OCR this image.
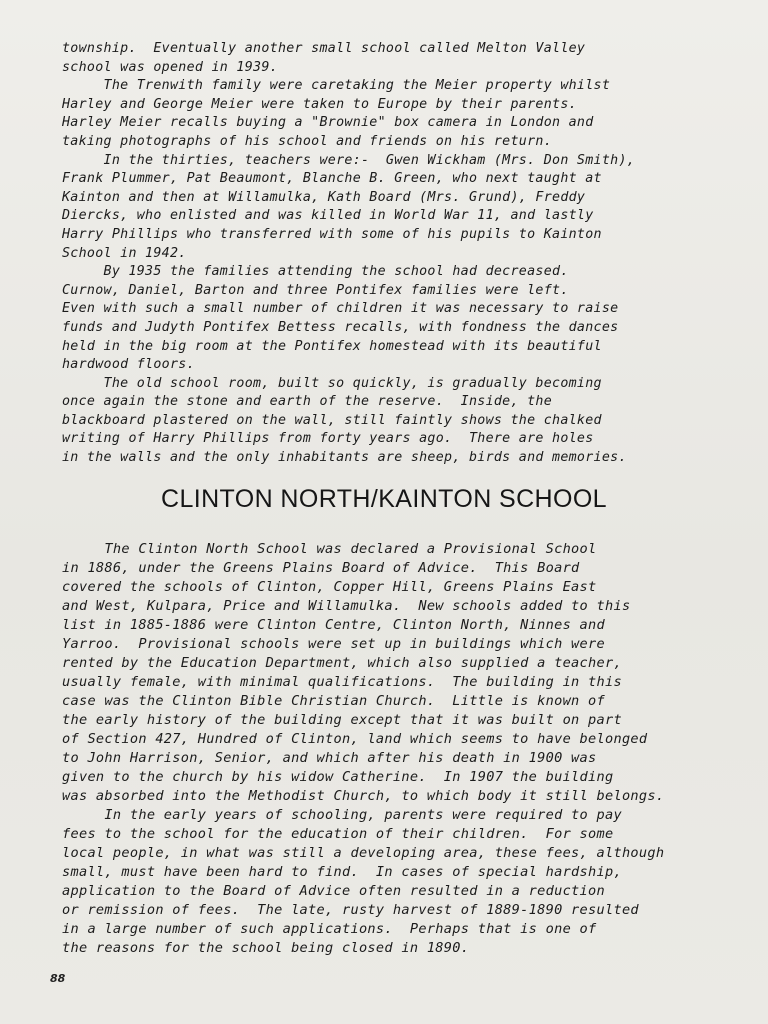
township.  Eventually another small school called Melton Valley
school was opened in 1939.
The Trenwith family were caretaking the Meier property whilst
Harley and George Meier were taken to Europe by their parents.
Harley Meier recalls buying a "Brownie" box camera in London and
taking photographs of his school and friends on his return.
In the thirties, teachers were:-  Gwen Wickham (Mrs. Don Smith),
Frank Plummer, Pat Beaumont, Blanche B. Green, who next taught at
Kainton and then at Willamulka, Kath Board (Mrs. Grund), Freddy
Diercks, who enlisted and was killed in World War 11, and lastly
Harry Phillips who transferred with some of his pupils to Kainton
School in 1942.
By 1935 the families attending the school had decreased.
Curnow, Daniel, Barton and three Pontifex families were left.
Even with such a small number of children it was necessary to raise
funds and Judyth Pontifex Bettess recalls, with fondness the dances
held in the big room at the Pontifex homestead with its beautiful
hardwood floors.
The old school room, built so quickly, is gradually becoming
once again the stone and earth of the reserve.  Inside, the
blackboard plastered on the wall, still faintly shows the chalked
writing of Harry Phillips from forty years ago.  There are holes
in the walls and the only inhabitants are sheep, birds and memories.
CLINTON NORTH/KAINTON SCHOOL
The Clinton North School was declared a Provisional School
in 1886, under the Greens Plains Board of Advice.  This Board
covered the schools of Clinton, Copper Hill, Greens Plains East
and West, Kulpara, Price and Willamulka.  New schools added to this
list in 1885-1886 were Clinton Centre, Clinton North, Ninnes and
Yarroo.  Provisional schools were set up in buildings which were
rented by the Education Department, which also supplied a teacher,
usually female, with minimal qualifications.  The building in this
case was the Clinton Bible Christian Church.  Little is known of
the early history of the building except that it was built on part
of Section 427, Hundred of Clinton, land which seems to have belonged
to John Harrison, Senior, and which after his death in 1900 was
given to the church by his widow Catherine.  In 1907 the building
was absorbed into the Methodist Church, to which body it still belongs.
In the early years of schooling, parents were required to pay
fees to the school for the education of their children.  For some
local people, in what was still a developing area, these fees, although
small, must have been hard to find.  In cases of special hardship,
application to the Board of Advice often resulted in a reduction
or remission of fees.  The late, rusty harvest of 1889-1890 resulted
in a large number of such applications.  Perhaps that is one of
the reasons for the school being closed in 1890.
88
